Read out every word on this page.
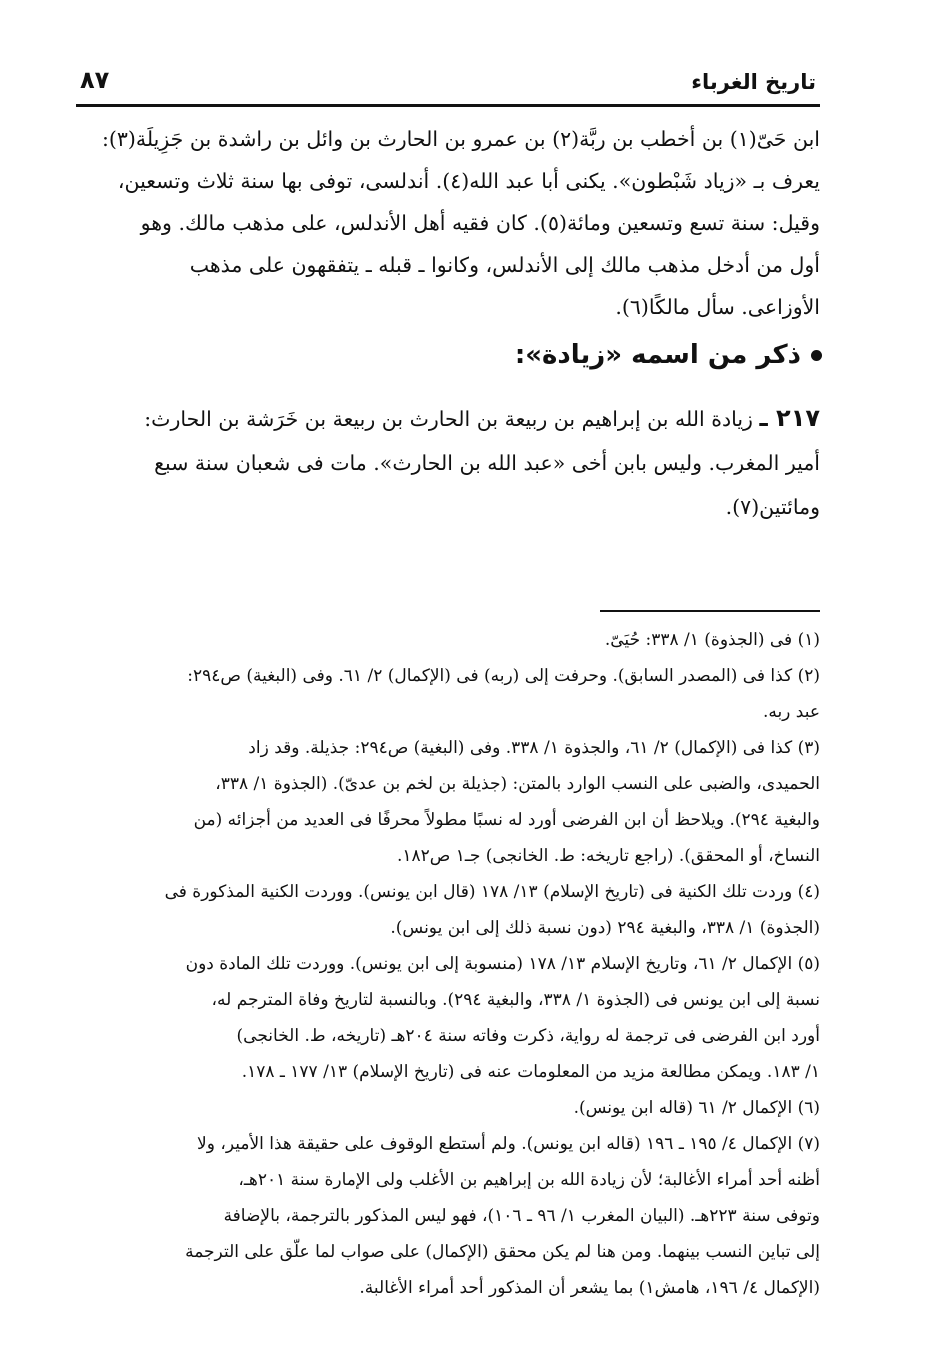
تاريخ الغرباء
٨٧

ابن حَىّ(١) بن أخطب بن ربَّة(٢) بن عمرو بن الحارث بن وائل بن راشدة بن جَزِيلَة(٣):

يعرف بـ «زياد شَبْطون». يكنى أبا عبد الله(٤). أندلسى، توفى بها سنة ثلاث وتسعين،

وقيل: سنة تسع وتسعين ومائة(٥). كان فقيه أهل الأندلس، على مذهب مالك. وهو

أول من أدخل مذهب مالك إلى الأندلس، وكانوا ـ قبله ـ يتفقهون على مذهب

الأوزاعى. سأل مالكًا(٦).

ذكر من اسمه «زيادة»:

٢١٧ ـ زيادة الله بن إبراهيم بن ربيعة بن الحارث بن ربيعة بن خَرَشة بن الحارث:

أمير المغرب. وليس بابن أخى «عبد الله بن الحارث». مات فى شعبان سنة سبع

ومائتين(٧).

(١) فى (الجذوة) ١/ ٣٣٨: حُيَىّ.
(٢) كذا فى (المصدر السابق). وحرفت إلى (ربه) فى (الإكمال) ٢/ ٦١. وفى (البغية) ص٢٩٤:
عبد ربه.
(٣) كذا فى (الإكمال) ٢/ ٦١، والجذوة ١/ ٣٣٨. وفى (البغية) ص٢٩٤: جذيلة. وقد زاد
الحميدى، والضبى على النسب الوارد بالمتن: (جذيلة بن لخم بن عدىّ). (الجذوة ١/ ٣٣٨،
والبغية ٢٩٤). ويلاحظ أن ابن الفرضى أورد له نسبًا مطولاً محرفًا فى العديد من أجزائه (من
النساخ، أو المحقق). (راجع تاريخه: ط. الخانجى) جـ١ ص١٨٢.
(٤) وردت تلك الكنية فى (تاريخ الإسلام) ١٣/ ١٧٨ (قال ابن يونس). ووردت الكنية المذكورة فى
(الجذوة) ١/ ٣٣٨، والبغية ٢٩٤ (دون نسبة ذلك إلى ابن يونس).
(٥) الإكمال ٢/ ٦١، وتاريخ الإسلام ١٣/ ١٧٨ (منسوبة إلى ابن يونس). ووردت تلك المادة دون
نسبة إلى ابن يونس فى (الجذوة ١/ ٣٣٨، والبغية ٢٩٤). وبالنسبة لتاريخ وفاة المترجم له،
أورد ابن الفرضى فى ترجمة له رواية، ذكرت وفاته سنة ٢٠٤هـ (تاريخه، ط. الخانجى)
١/ ١٨٣. ويمكن مطالعة مزيد من المعلومات عنه فى (تاريخ الإسلام) ١٣/ ١٧٧ ـ ١٧٨.
(٦) الإكمال ٢/ ٦١ (قاله ابن يونس).
(٧) الإكمال ٤/ ١٩٥ ـ ١٩٦ (قاله ابن يونس). ولم أستطع الوقوف على حقيقة هذا الأمير، ولا
أظنه أحد أمراء الأغالبة؛ لأن زيادة الله بن إبراهيم بن الأغلب ولى الإمارة سنة ٢٠١هـ،
وتوفى سنة ٢٢٣هـ. (البيان المغرب ١/ ٩٦ ـ ١٠٦)، فهو ليس المذكور بالترجمة، بالإضافة
إلى تباين النسب بينهما. ومن هنا لم يكن محقق (الإكمال) على صواب لما علّق على الترجمة
(الإكمال ٤/ ١٩٦، هامش١) بما يشعر أن المذكور أحد أمراء الأغالبة.
